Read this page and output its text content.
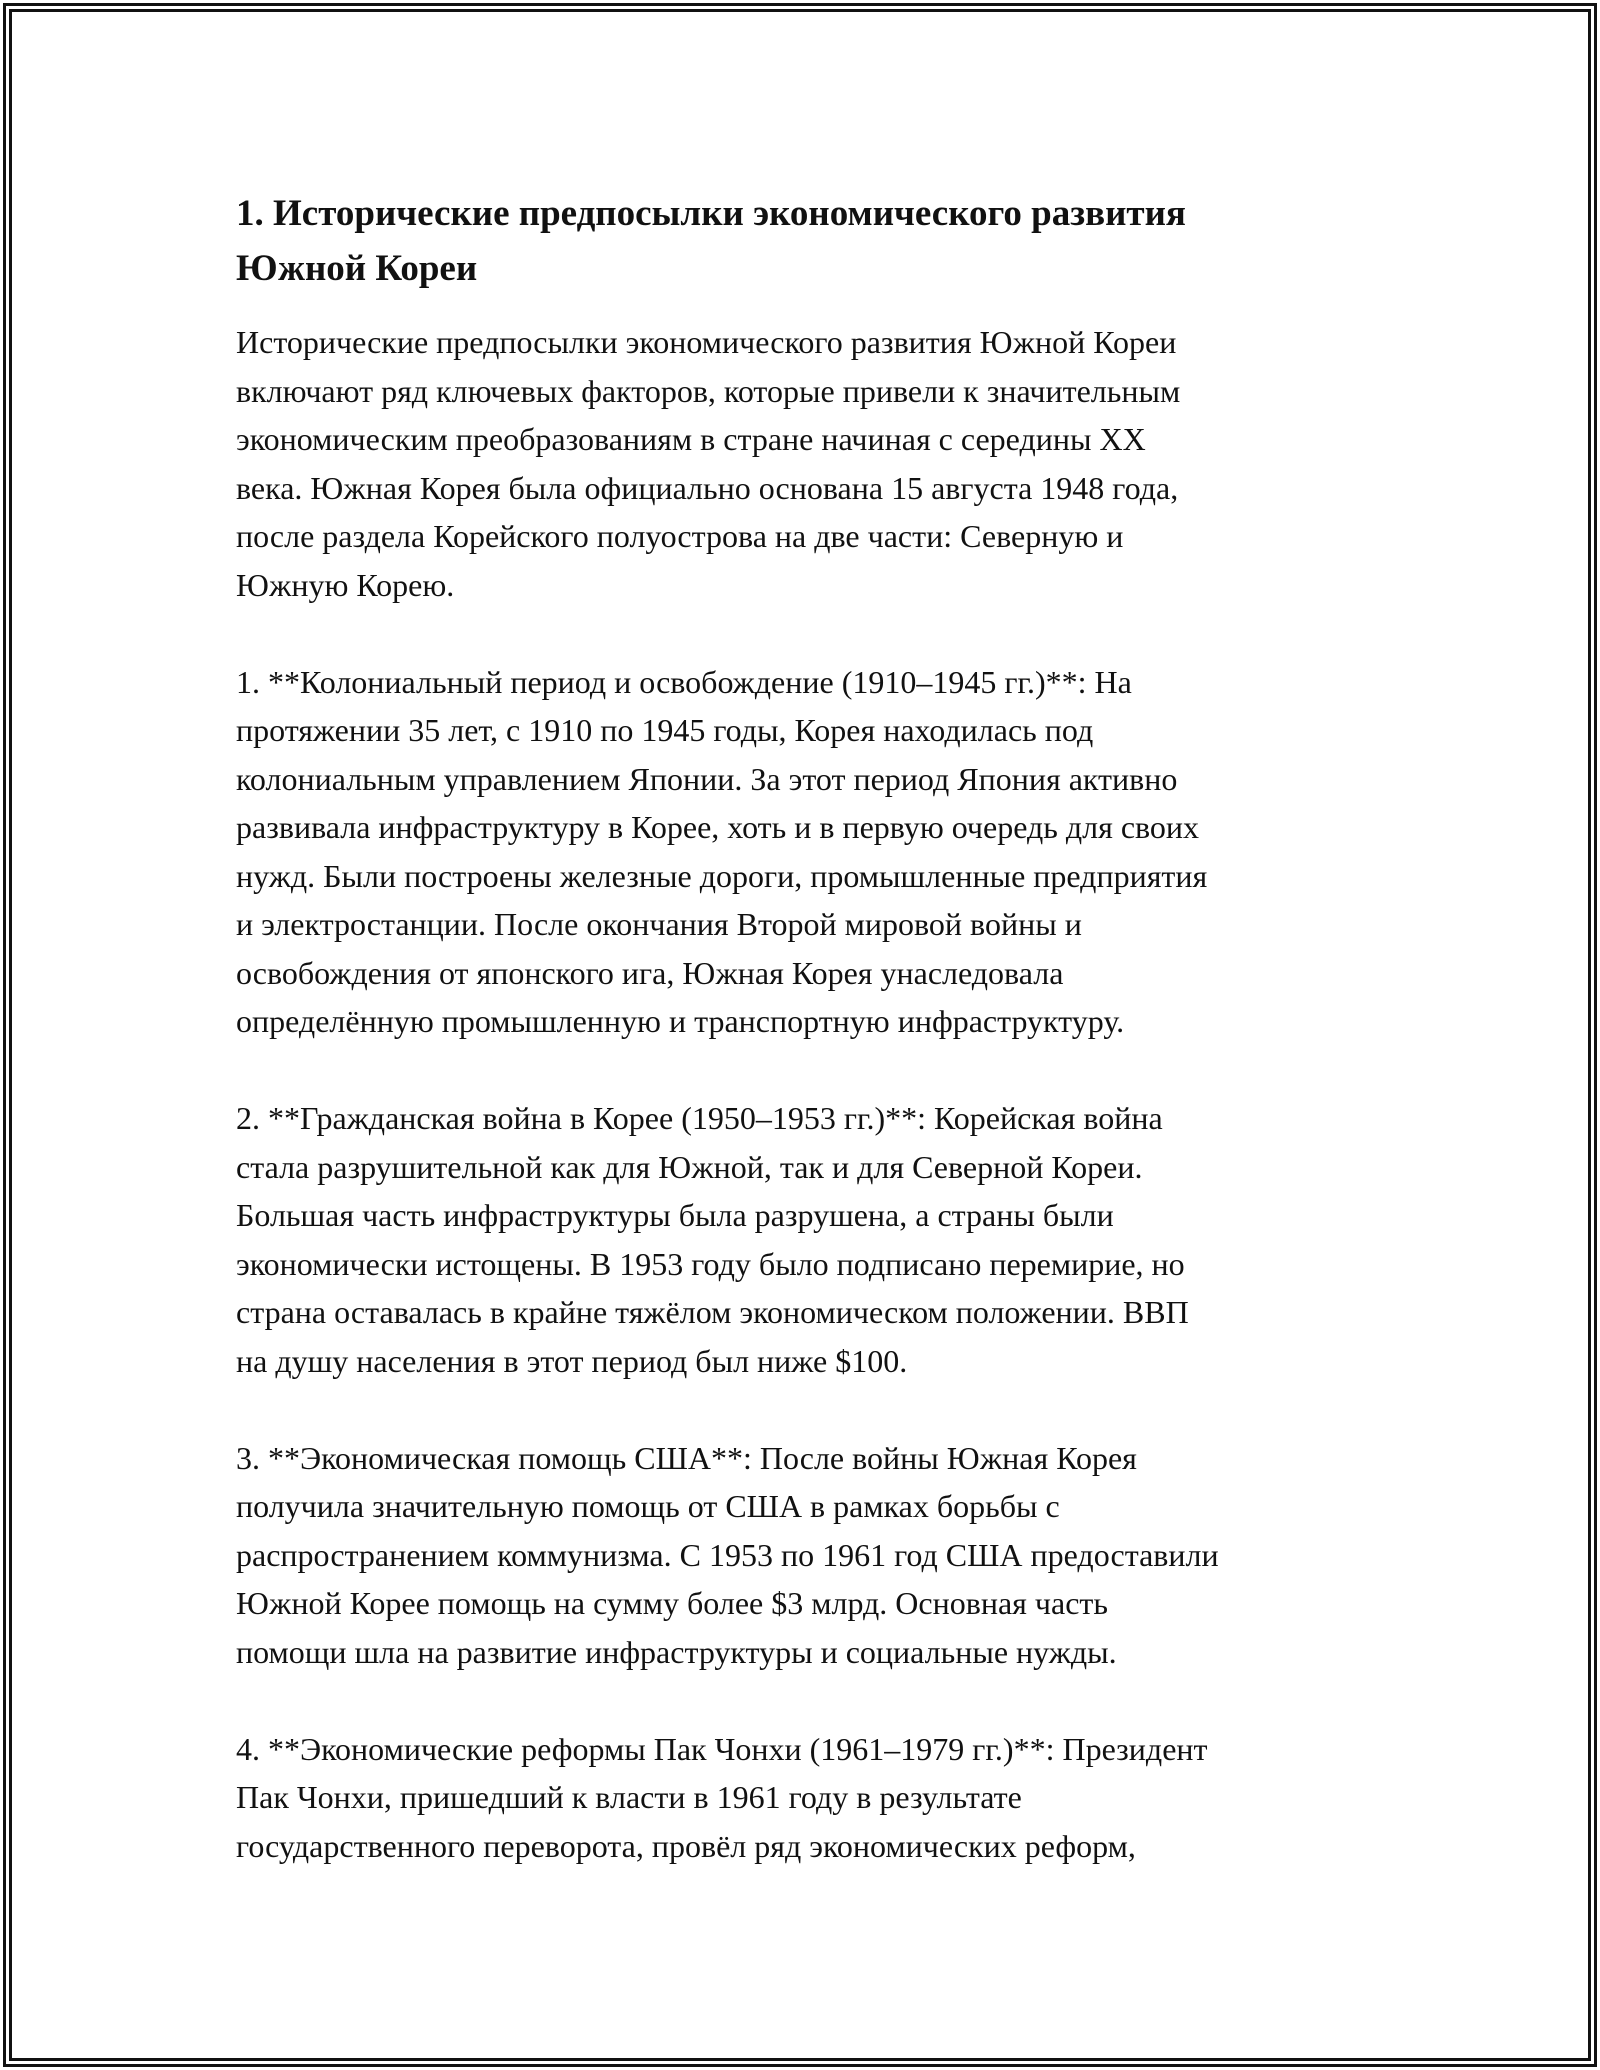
1. Исторические предпосылки экономического развития
Южной Кореи
Исторические предпосылки экономического развития Южной Кореи
включают ряд ключевых факторов, которые привели к значительным
экономическим преобразованиям в стране начиная с середины XX
века. Южная Корея была официально основана 15 августа 1948 года,
после раздела Корейского полуострова на две части: Северную и
Южную Корею.
1. **Колониальный период и освобождение (1910–1945 гг.)**: На
протяжении 35 лет, с 1910 по 1945 годы, Корея находилась под
колониальным управлением Японии. За этот период Япония активно
развивала инфраструктуру в Корее, хоть и в первую очередь для своих
нужд. Были построены железные дороги, промышленные предприятия
и электростанции. После окончания Второй мировой войны и
освобождения от японского ига, Южная Корея унаследовала
определённую промышленную и транспортную инфраструктуру.
2. **Гражданская война в Корее (1950–1953 гг.)**: Корейская война
стала разрушительной как для Южной, так и для Северной Кореи.
Большая часть инфраструктуры была разрушена, а страны были
экономически истощены. В 1953 году было подписано перемирие, но
страна оставалась в крайне тяжёлом экономическом положении. ВВП
на душу населения в этот период был ниже $100.
3. **Экономическая помощь США**: После войны Южная Корея
получила значительную помощь от США в рамках борьбы с
распространением коммунизма. С 1953 по 1961 год США предоставили
Южной Корее помощь на сумму более $3 млрд. Основная часть
помощи шла на развитие инфраструктуры и социальные нужды.
4. **Экономические реформы Пак Чонхи (1961–1979 гг.)**: Президент
Пак Чонхи, пришедший к власти в 1961 году в результате
государственного переворота, провёл ряд экономических реформ,
